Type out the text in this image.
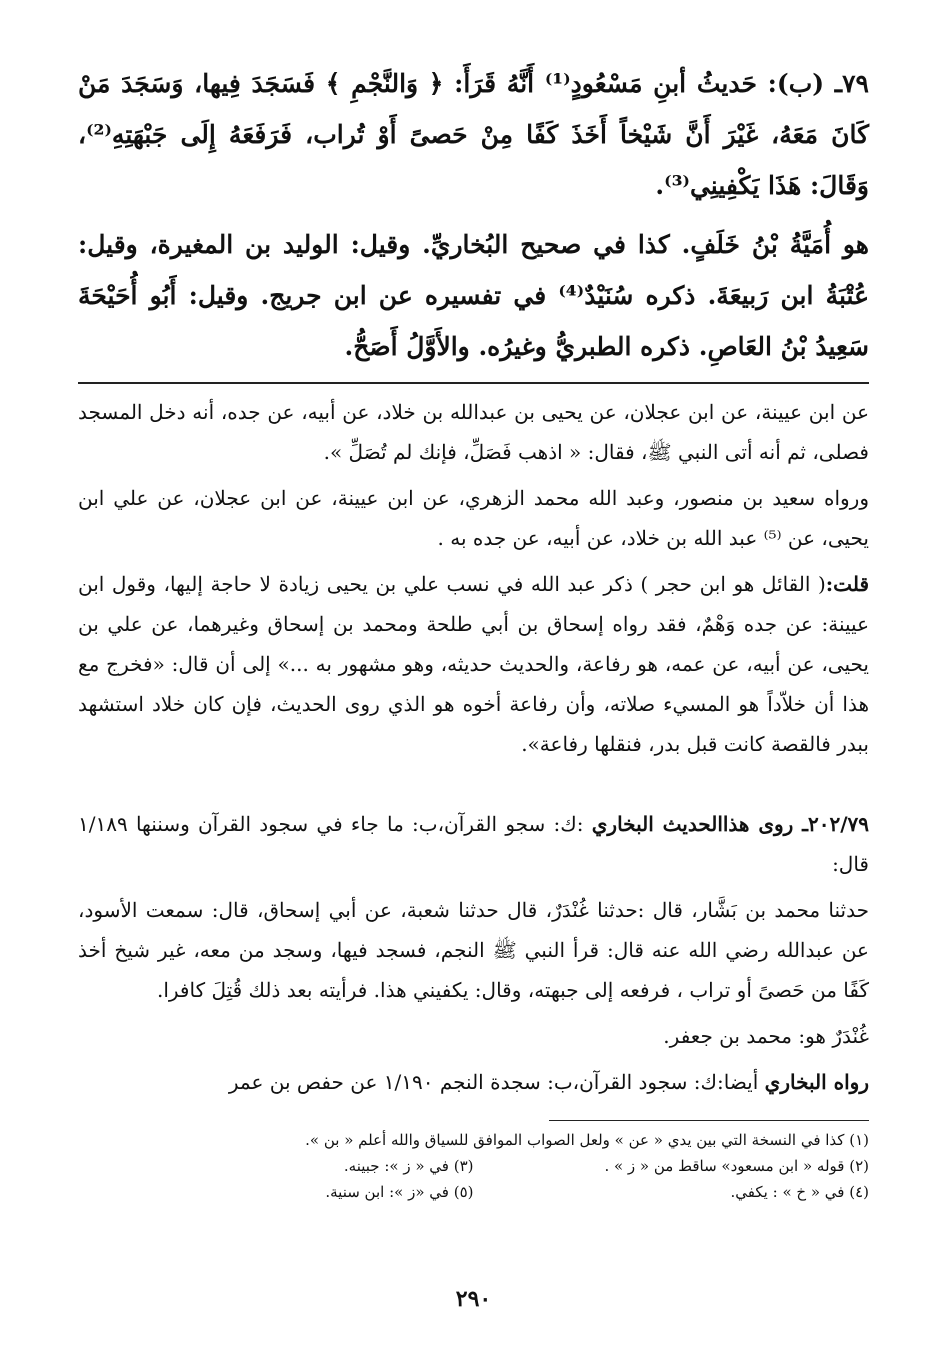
٧٩ـ (ب): حَديثُ أبنِ مَسْعُودٍ⁽¹⁾ أَنَّهُ قَرَأَ: ﴿ وَالنَّجْمِ ﴾ فَسَجَدَ فِيها، وَسَجَدَ مَنْ كَانَ مَعَهُ، غَيْرَ أَنَّ شَيْخاً أَخَذَ كَفًا مِنْ حَصىً أَوْ تُراب، فَرَفَعَهُ إِلَى جَبْهَتِهِ⁽²⁾، وَقَالَ: هَذَا يَكْفِينِي⁽³⁾.

هو أُمَيَّةُ بْنُ خَلَفٍ. كذا في صحيح البُخاريِّ. وقيل: الوليد بن المغيرة، وقيل: عُتْبَةُ ابن رَبيعَةَ. ذكره سُنَيْدٌ⁽⁴⁾ في تفسيره عن ابن جريج. وقيل: أَبُو أُحَيْحَةَ سَعِيدُ بْنُ العَاصِ. ذكره الطبريُّ وغيرُه. والأَوَّلُ أَصَحُّ.

عن ابن عيينة، عن ابن عجلان، عن يحيى بن عبدالله بن خلاد، عن أبيه، عن جده، أنه دخل المسجد فصلى، ثم أنه أتى النبي ﷺ، فقال: « اذهب فَصَلِّ، فإنك لم تُصَلِّ ».

ورواه سعيد بن منصور، وعبد الله محمد الزهري، عن ابن عيينة، عن ابن عجلان، عن علي ابن يحيى، عن ⁽⁵⁾ عبد الله بن خلاد، عن أبيه، عن جده به .

قلت:( القائل هو ابن حجر ) ذكر عبد الله في نسب علي بن يحيى زيادة لا حاجة إليها، وقول ابن عيينة: عن جده وَهْمٌ، فقد رواه إسحاق بن أبي طلحة ومحمد بن إسحاق وغيرهما، عن علي بن يحيى، عن أبيه، عن عمه، هو رفاعة، والحديث حديثه، وهو مشهور به ...» إلى أن قال: «فخرج مع هذا أن خلاّداً هو المسيء صلاته، وأن رفاعة أخوه هو الذي روى الحديث، فإن كان خلاد استشهد ببدر فالقصة كانت قبل بدر، فنقلها رفاعة».

٢٠٢/٧٩ـ روى هذاالحديث البخاري :ك: سجو القرآن،ب: ما جاء في سجود القرآن وسننها ١/١٨٩ قال:

حدثنا محمد بن بَشَّار، قال :حدثنا غُنْدَرٌ، قال حدثنا شعبة، عن أبي إسحاق، قال: سمعت الأسود، عن عبدالله رضي الله عنه قال: قرأ النبي ﷺ النجم، فسجد فيها، وسجد من معه، غير شيخ أخذ كَفًا من حَصىً أو تراب ، فرفعه إلى جبهته، وقال: يكفيني هذا. فرأيته بعد ذلك قُتِلَ كافرا.

غُنْدَرٌ هو: محمد بن جعفر.

رواه البخاري أيضا:ك: سجود القرآن،ب: سجدة النجم ١/١٩٠ عن حفص بن عمر

(١) كذا في النسخة التي بين يدي « عن » ولعل الصواب الموافق للسياق والله أعلم « بن ».
(٢) قوله « ابن مسعود» ساقط من « ز » .
(٣) في « ز »: جبينه.
(٤) في « خ » : يكفي.
(٥) في «ز »: ابن سنية.
٢٩٠
